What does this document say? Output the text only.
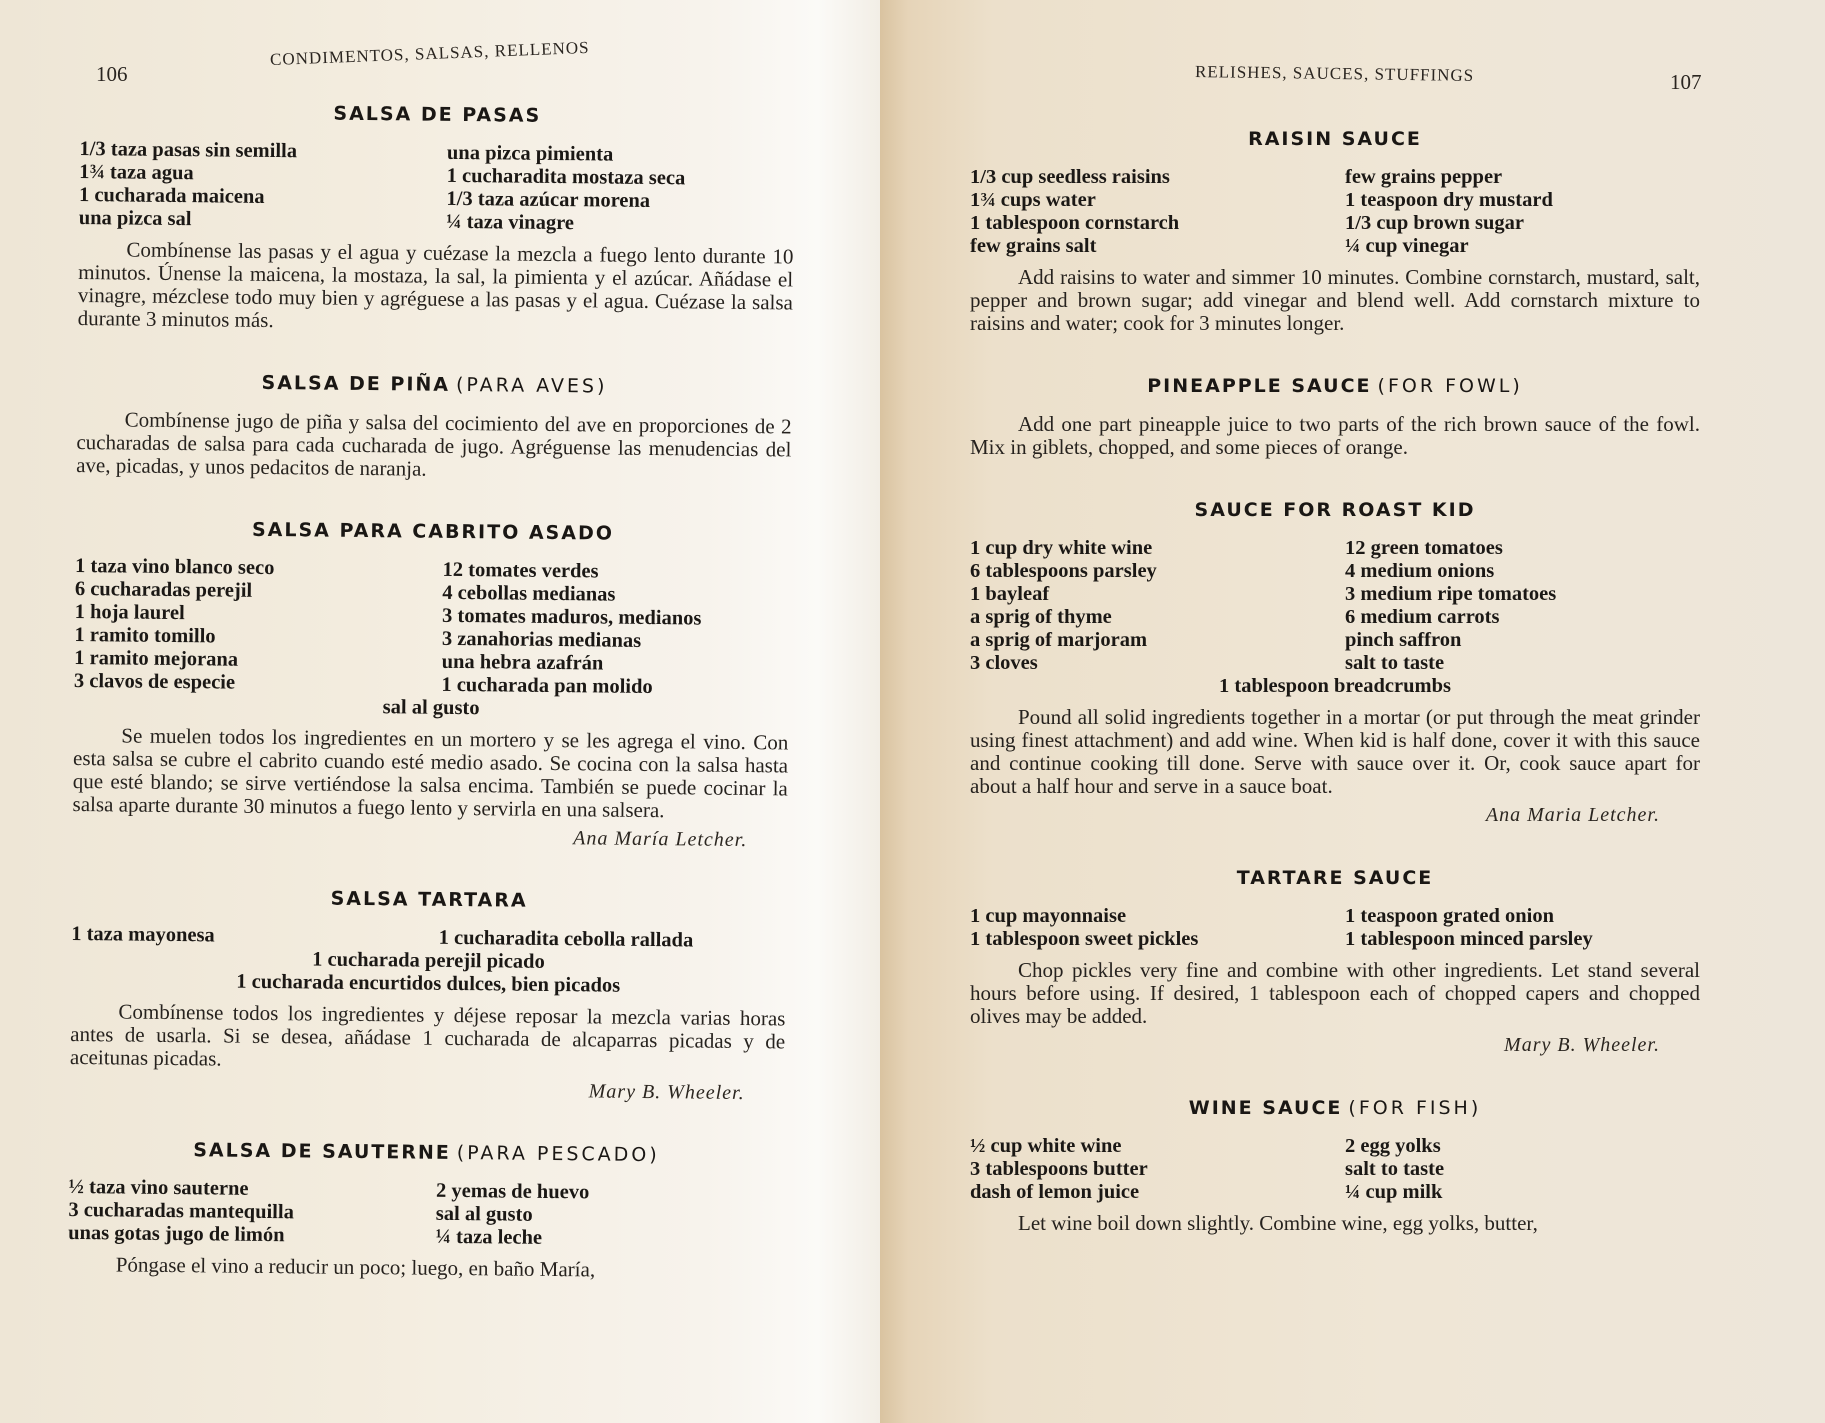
106
CONDIMENTOS, SALSAS, RELLENOS
SALSA DE PASAS
1/3 taza pasas sin semilla	una pizca pimienta
1¾ taza agua	1 cucharadita mostaza seca
1 cucharada maicena	1/3 taza azúcar morena
una pizca sal	¼ taza vinagre

Combínense las pasas y el agua y cuézase la mezcla a fuego lento durante 10 minutos. Únense la maicena, la mostaza, la sal, la pimienta y el azúcar. Añádase el vinagre, mézclese todo muy bien y agréguese a las pasas y el agua. Cuézase la salsa durante 3 minutos más.

SALSA DE PIÑA (PARA AVES)

Combínense jugo de piña y salsa del cocimiento del ave en proporciones de 2 cucharadas de salsa para cada cucharada de jugo. Agréguense las menudencias del ave, picadas, y unos pedacitos de naranja.

SALSA PARA CABRITO ASADO
1 taza vino blanco seco	12 tomates verdes
6 cucharadas perejil	4 cebollas medianas
1 hoja laurel	3 tomates maduros, medianos
1 ramito tomillo	3 zanahorias medianas
1 ramito mejorana	una hebra azafrán
3 clavos de especie	1 cucharada pan molido
sal al gusto

Se muelen todos los ingredientes en un mortero y se les agrega el vino. Con esta salsa se cubre el cabrito cuando esté medio asado. Se cocina con la salsa hasta que esté blando; se sirve vertiéndose la salsa encima. También se puede cocinar la salsa aparte durante 30 minutos a fuego lento y servirla en una salsera.

Ana María Letcher.

SALSA TARTARA
1 taza mayonesa	1 cucharadita cebolla rallada
1 cucharada perejil picado
1 cucharada encurtidos dulces, bien picados

Combínense todos los ingredientes y déjese reposar la mezcla varias horas antes de usarla. Si se desea, añádase 1 cucharada de alcaparras picadas y de aceitunas picadas.

Mary B. Wheeler.

SALSA DE SAUTERNE (PARA PESCADO)
½ taza vino sauterne	2 yemas de huevo
3 cucharadas mantequilla	sal al gusto
unas gotas jugo de limón	¼ taza leche

Póngase el vino a reducir un poco; luego, en baño María,

RELISHES, SAUCES, STUFFINGS	107
RAISIN SAUCE
1/3 cup seedless raisins	few grains pepper
1¾ cups water	1 teaspoon dry mustard
1 tablespoon cornstarch	1/3 cup brown sugar
few grains salt	¼ cup vinegar

Add raisins to water and simmer 10 minutes. Combine cornstarch, mustard, salt, pepper and brown sugar; add vinegar and blend well. Add cornstarch mixture to raisins and water; cook for 3 minutes longer.

PINEAPPLE SAUCE (FOR FOWL)

Add one part pineapple juice to two parts of the rich brown sauce of the fowl. Mix in giblets, chopped, and some pieces of orange.

SAUCE FOR ROAST KID
1 cup dry white wine	12 green tomatoes
6 tablespoons parsley	4 medium onions
1 bayleaf	3 medium ripe tomatoes
a sprig of thyme	6 medium carrots
a sprig of marjoram	pinch saffron
3 cloves	salt to taste
1 tablespoon breadcrumbs

Pound all solid ingredients together in a mortar (or put through the meat grinder using finest attachment) and add wine. When kid is half done, cover it with this sauce and continue cooking till done. Serve with sauce over it. Or, cook sauce apart for about a half hour and serve in a sauce boat.

Ana Maria Letcher.

TARTARE SAUCE
1 cup mayonnaise	1 teaspoon grated onion
1 tablespoon sweet pickles	1 tablespoon minced parsley

Chop pickles very fine and combine with other ingredients. Let stand several hours before using. If desired, 1 tablespoon each of chopped capers and chopped olives may be added.

Mary B. Wheeler.

WINE SAUCE (FOR FISH)
½ cup white wine	2 egg yolks
3 tablespoons butter	salt to taste
dash of lemon juice	¼ cup milk

Let wine boil down slightly. Combine wine, egg yolks, butter,
